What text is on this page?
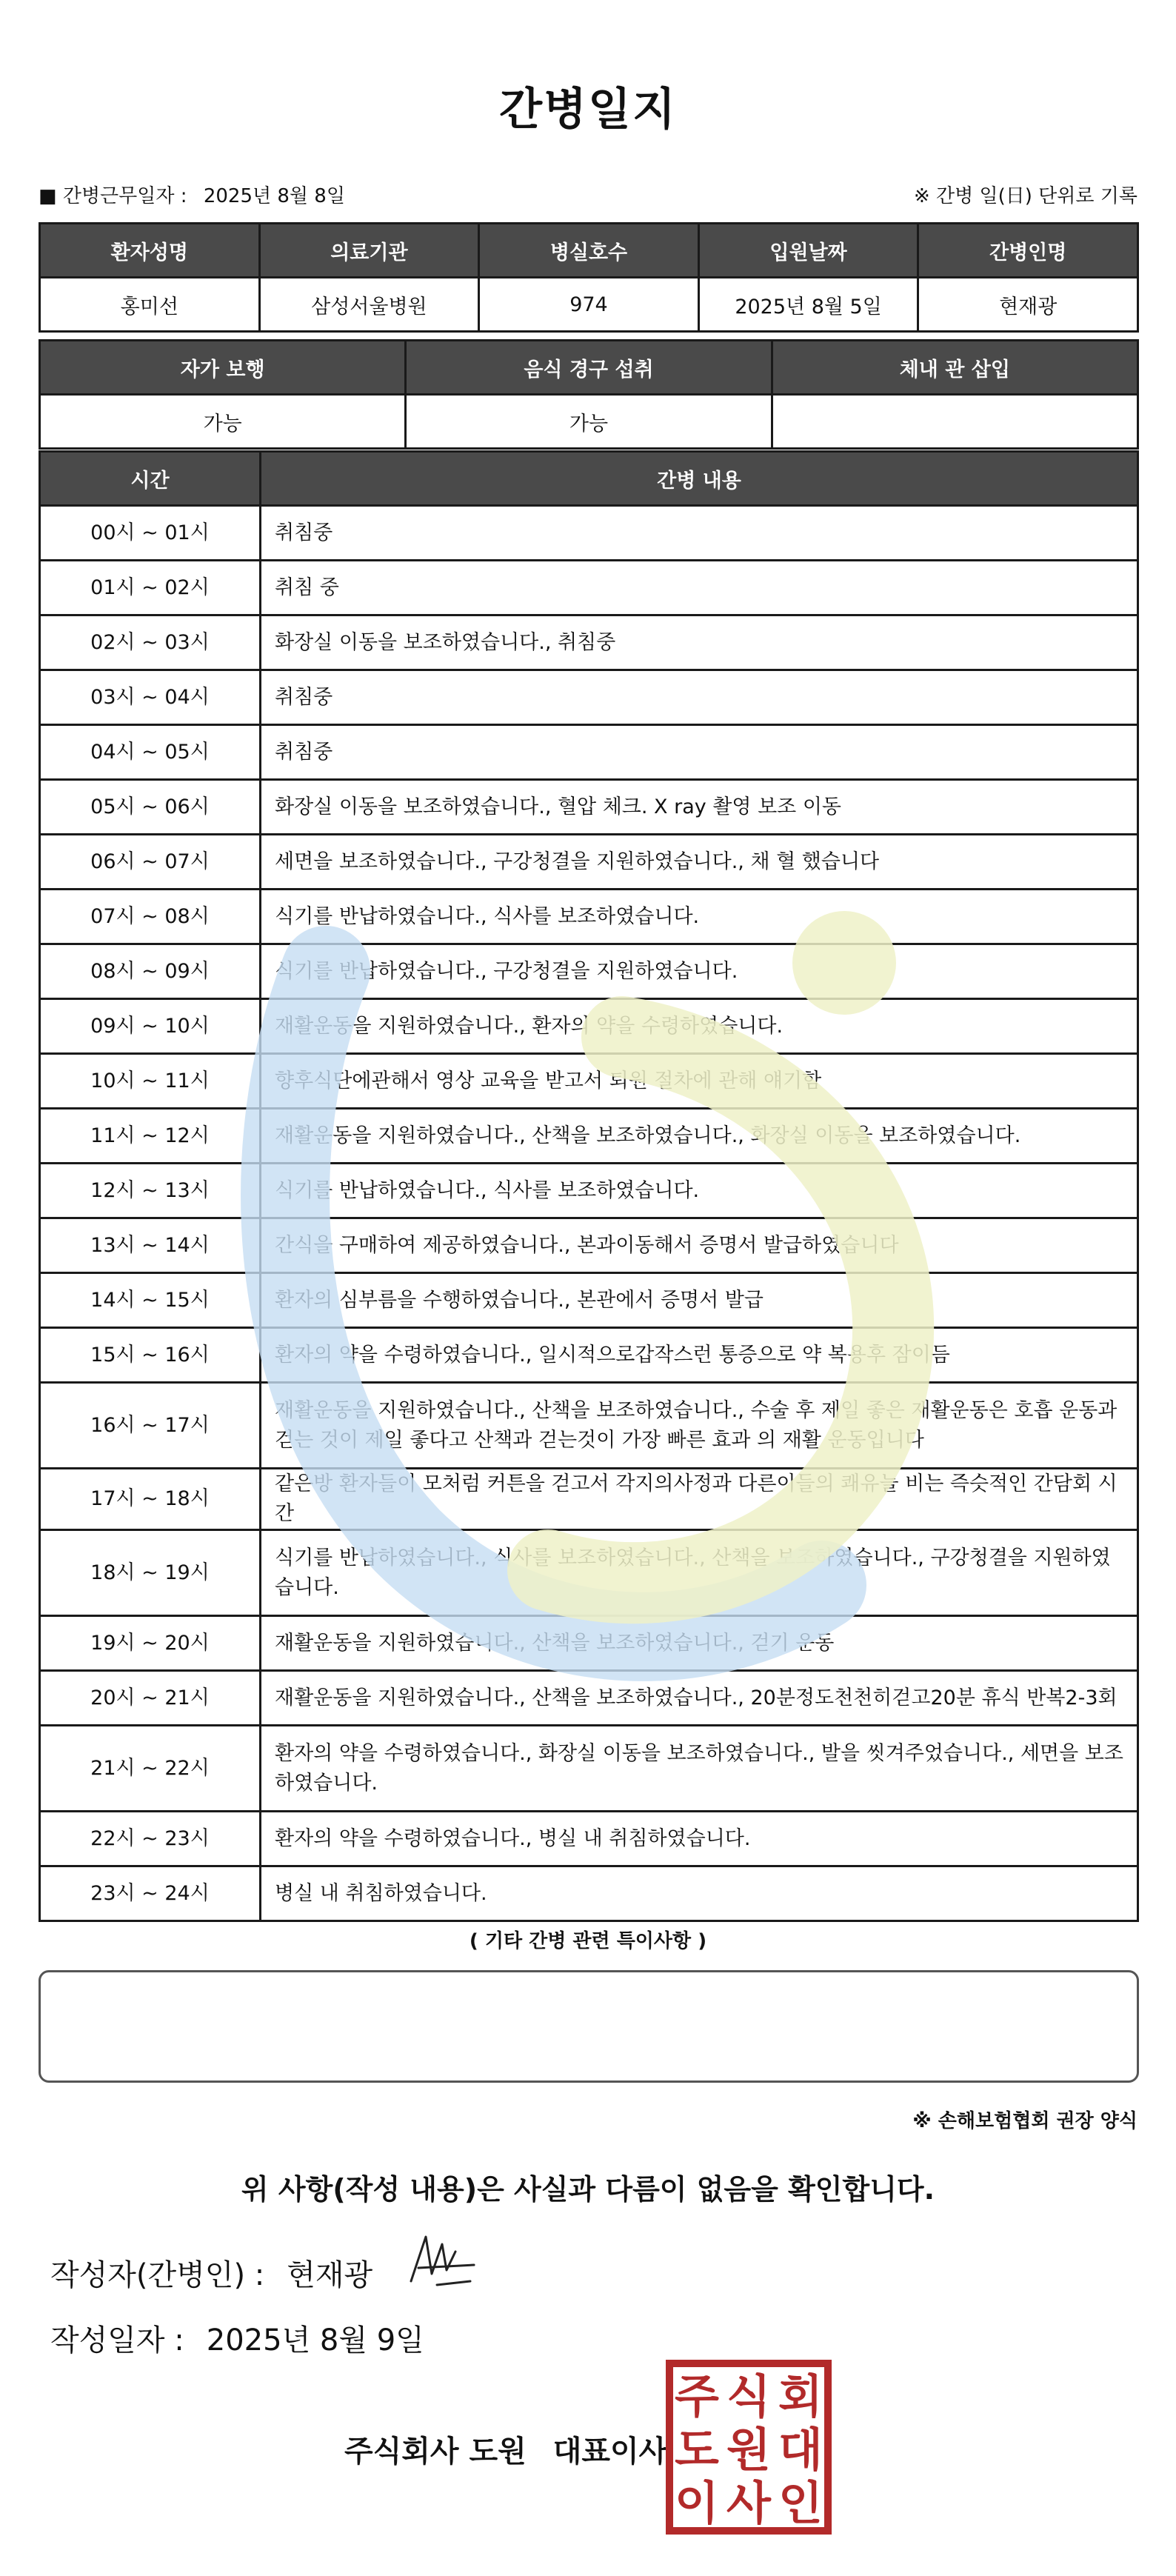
간병일지
■ 간병근무일자 : 2025년 8월 8일	※ 간병 일(日) 단위로 기록
환자성명	의료기관	병실호수	입원날짜	간병인명
홍미선	삼성서울병원	974	2025년 8월 5일	현재광
자가 보행	음식 경구 섭취	체내 관 삽입
가능	가능	
시간	간병 내용
00시 ~ 01시	취침중
01시 ~ 02시	취침 중
02시 ~ 03시	화장실 이동을 보조하였습니다., 취침중
03시 ~ 04시	취침중
04시 ~ 05시	취침중
05시 ~ 06시	화장실 이동을 보조하였습니다., 혈압 체크. X ray 촬영 보조 이동
06시 ~ 07시	세면을 보조하였습니다., 구강청결을 지원하였습니다., 채 혈 했습니다
07시 ~ 08시	식기를 반납하였습니다., 식사를 보조하였습니다.
08시 ~ 09시	식기를 반납하였습니다., 구강청결을 지원하였습니다.
09시 ~ 10시	재활운동을 지원하였습니다., 환자의 약을 수령하였습니다.
10시 ~ 11시	향후식단에관해서 영상 교육을 받고서 퇴원 절차에 관해 얘기함
11시 ~ 12시	재활운동을 지원하였습니다., 산책을 보조하였습니다., 화장실 이동을 보조하였습니다.
12시 ~ 13시	식기를 반납하였습니다., 식사를 보조하였습니다.
13시 ~ 14시	간식을 구매하여 제공하였습니다., 본과이동해서 증명서 발급하였습니다
14시 ~ 15시	환자의 심부름을 수행하였습니다., 본관에서 증명서 발급
15시 ~ 16시	환자의 약을 수령하였습니다., 일시적으로갑작스런 통증으로 약 복용후 잠이듬
16시 ~ 17시	재활운동을 지원하였습니다., 산책을 보조하였습니다., 수술 후 제일 좋은 재활운동은 호흡 운동과 걷는 것이 제일 좋다고 산책과 걷는것이 가장 빠른 효과 의 재활 운동입니다
17시 ~ 18시	같은방 환자들이 모처럼 커튼을 걷고서 각지의사정과 다른이들의 쾌유늘 비는 즉슷적인 간담회 시간
18시 ~ 19시	식기를 반납하였습니다., 식사를 보조하였습니다., 산책을 보조하였습니다., 구강청결을 지원하였습니다.
19시 ~ 20시	재활운동을 지원하였습니다., 산책을 보조하였습니다., 걷기 운동
20시 ~ 21시	재활운동을 지원하였습니다., 산책을 보조하였습니다., 20분정도천천히걷고20분 휴식 반복2-3회
21시 ~ 22시	환자의 약을 수령하였습니다., 화장실 이동을 보조하였습니다., 발을 씻겨주었습니다., 세면을 보조하였습니다.
22시 ~ 23시	환자의 약을 수령하였습니다., 병실 내 취침하였습니다.
23시 ~ 24시	병실 내 취침하였습니다.
( 기타 간병 관련 특이사항 )
※ 손해보험협회 권장 양식
위 사항(작성 내용)은 사실과 다름이 없음을 확인합니다.
작성자(간병인) : 현재광
작성일자 : 2025년 8월 9일
주식회사 도원 대표이사
주 식 회
도 원 대
이 사 인
